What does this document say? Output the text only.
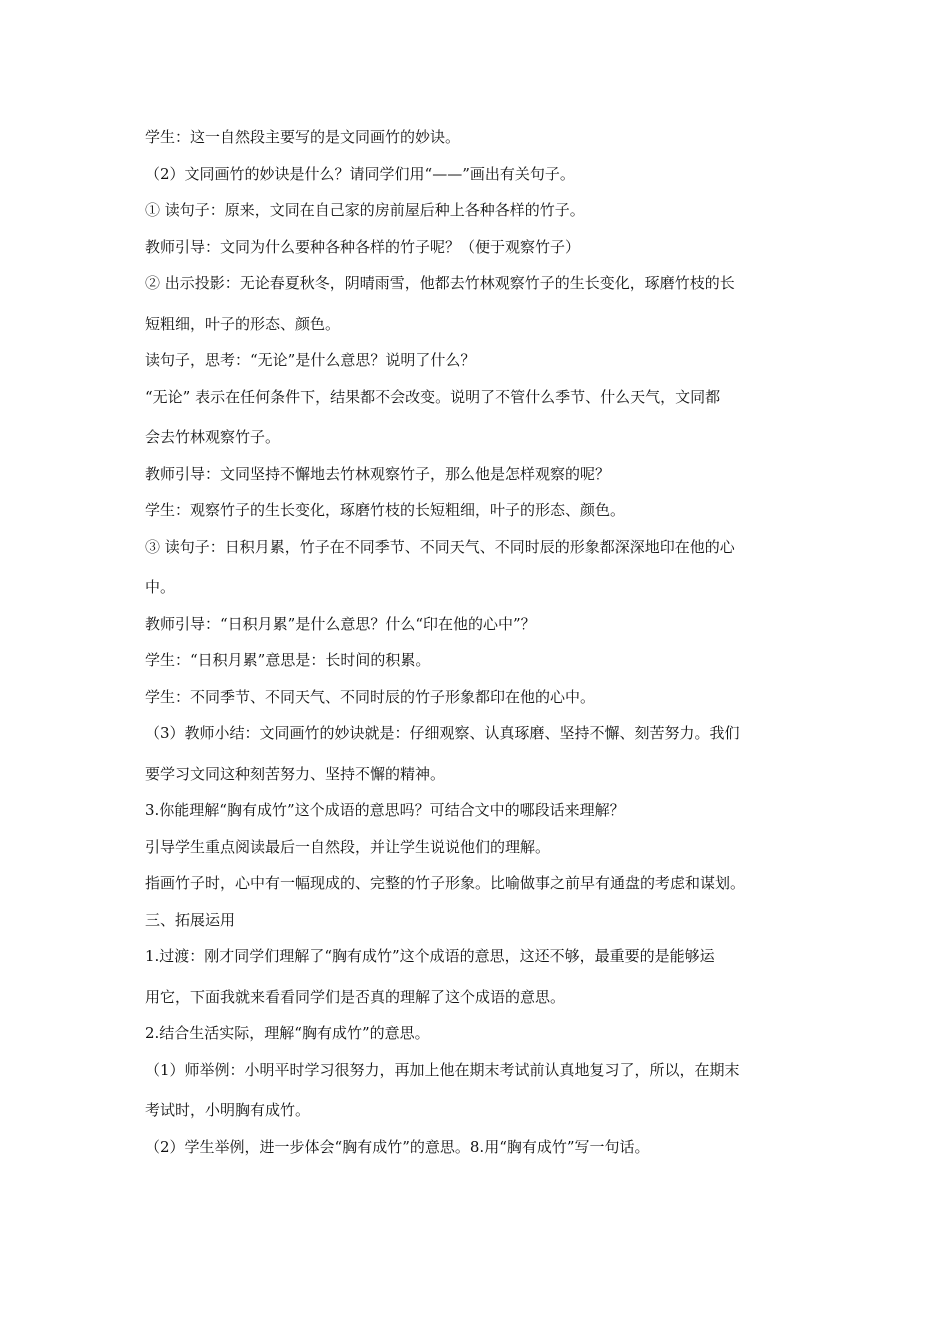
学生：这一自然段主要写的是文同画竹的妙诀。
（2）文同画竹的妙诀是什么？请同学们用“——”画出有关句子。
① 读句子：原来，文同在自己家的房前屋后种上各种各样的竹子。
教师引导：文同为什么要种各种各样的竹子呢？（便于观察竹子）
② 出示投影：无论春夏秋冬，阴晴雨雪，他都去竹林观察竹子的生长变化，琢磨竹枝的长
短粗细，叶子的形态、颜色。
读句子，思考：“无论”是什么意思？说明了什么？
“无论” 表示在任何条件下，结果都不会改变。说明了不管什么季节、什么天气，文同都
会去竹林观察竹子。
教师引导：文同坚持不懈地去竹林观察竹子，那么他是怎样观察的呢？
学生：观察竹子的生长变化，琢磨竹枝的长短粗细，叶子的形态、颜色。
③ 读句子：日积月累，竹子在不同季节、不同天气、不同时辰的形象都深深地印在他的心
中。
教师引导：“日积月累”是什么意思？什么“印在他的心中”？
学生：“日积月累”意思是：长时间的积累。
学生：不同季节、不同天气、不同时辰的竹子形象都印在他的心中。
（3）教师小结：文同画竹的妙诀就是：仔细观察、认真琢磨、坚持不懈、刻苦努力。我们
要学习文同这种刻苦努力、坚持不懈的精神。
3.你能理解“胸有成竹”这个成语的意思吗？可结合文中的哪段话来理解？
引导学生重点阅读最后一自然段，并让学生说说他们的理解。
指画竹子时，心中有一幅现成的、完整的竹子形象。比喻做事之前早有通盘的考虑和谋划。
三、拓展运用
1.过渡：刚才同学们理解了“胸有成竹”这个成语的意思，这还不够，最重要的是能够运
用它，下面我就来看看同学们是否真的理解了这个成语的意思。
2.结合生活实际，理解“胸有成竹”的意思。
（1）师举例：小明平时学习很努力，再加上他在期末考试前认真地复习了，所以，在期末
考试时，小明胸有成竹。
（2）学生举例，进一步体会“胸有成竹”的意思。8.用“胸有成竹”写一句话。
